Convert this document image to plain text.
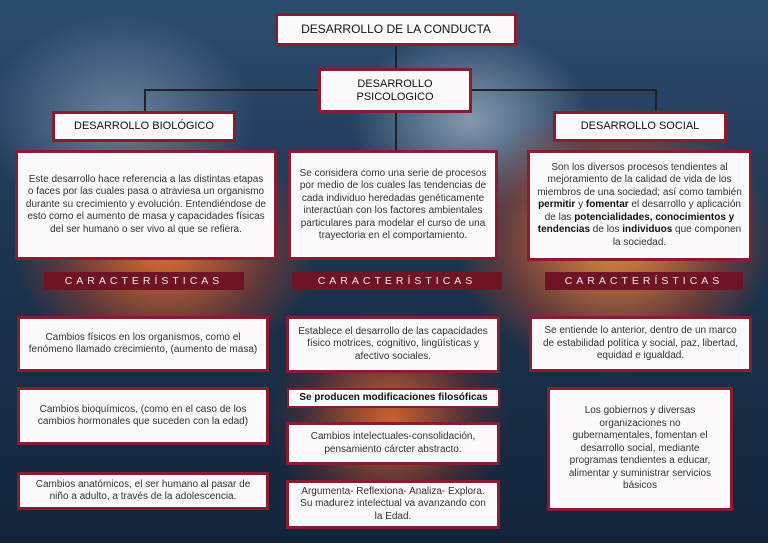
DESARROLLO DE LA CONDUCTA
DESARROLLO PSICOLOGICO
DESARROLLO BIOLÓGICO	DESARROLLO SOCIAL
Este desarrollo hace referencia a las distintas etapas o faces por las cuales pasa o atraviesa un organismo durante su crecimiento y evolución. Entendiéndose de esto como el aumento de masa y capacidades físicas del ser humano o ser vivo al que se refiera.
Se considera como una serie de procesos por medio de los cuales las tendencias de cada individuo heredadas genéticamente interactúan con los factores ambientales particulares para modelar el curso de una trayectoria en el comportamiento.
Son los diversos procesos tendientes al mejoramiento de la calidad de vida de los miembros de una sociedad; así como también permitir y fomentar el desarrollo y aplicación de las potencialidades, conocimientos y tendencias de los individuos que componen la sociedad.
CARACTERÍSTICAS	CARACTERÍSTICAS	CARACTERÍSTICAS
Cambios físicos en los organismos, como el fenómeno llamado crecimiento, (aumento de masa)
Cambios bioquímicos, (como en el caso de los cambios hormonales que suceden con la edad)
Cambios anatómicos, el ser humano al pasar de niño a adulto, a través de la adolescencia.
Establece el desarrollo de las capacidades físico motrices, cognitivo, lingüísticas y afectivo sociales.
Se producen modificaciones filosóficas
Cambios intelectuales-consolidación, pensamiento cárcter abstracto.
Argumenta- Reflexiona- Analiza- Explora. Su madurez intelectual va avanzando con la Edad.
Se entiende lo anterior, dentro de un marco de estabilidad política y social, paz, libertad, equidad e igualdad.
Los gobiernos y diversas organizaciones no gubernamentales, fomentan el desarrollo social, mediante programas tendientes a educar, alimentar y suministrar servicios básicos
